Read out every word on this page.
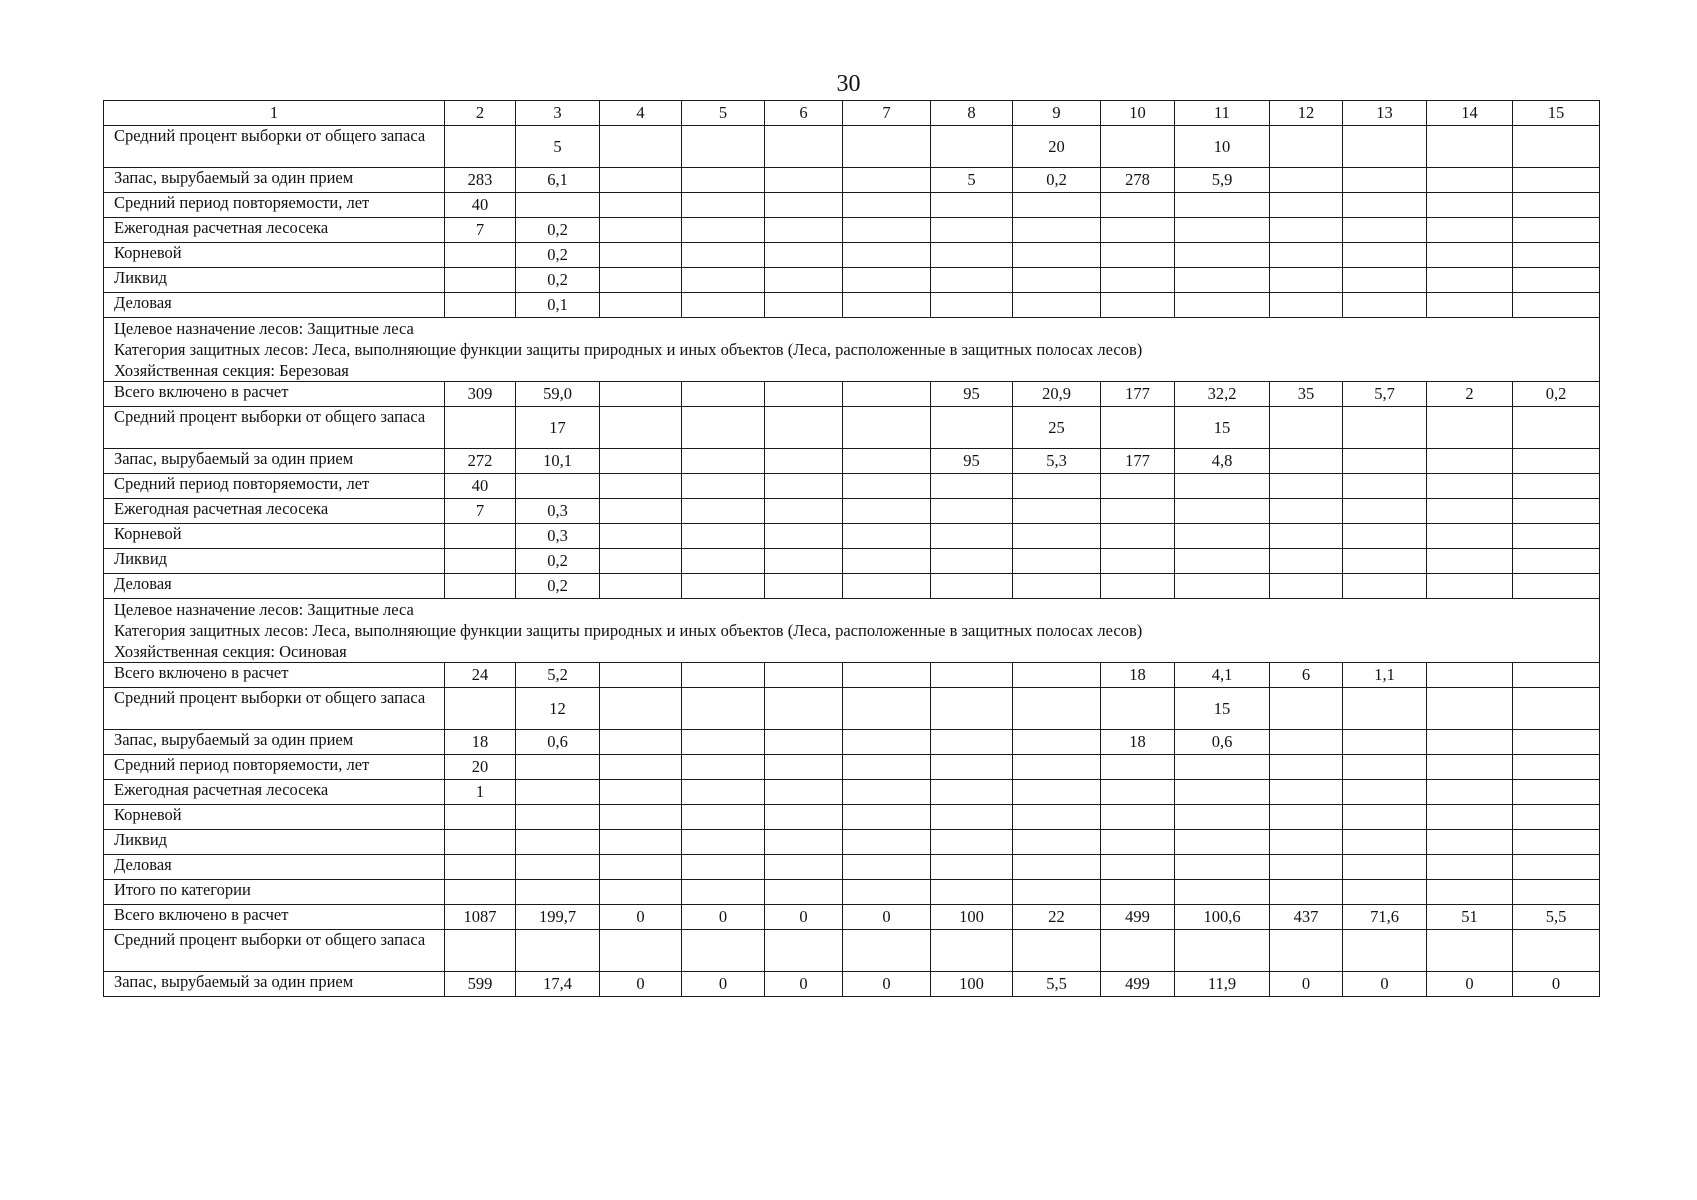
30
1	2	3	4	5	6	7	8	9	10	11	12	13	14	15
Средний процент выборки от общего запаса		5						20		10				
Запас, вырубаемый за один прием	283	6,1					5	0,2	278	5,9				
Средний период повторяемости, лет	40													
Ежегодная расчетная лесосека	7	0,2												
Корневой		0,2												
Ликвид		0,2												
Деловая		0,1												

Целевое назначение лесов: Защитные леса
Категория защитных лесов: Леса, выполняющие функции защиты природных и иных объектов (Леса, расположенные в защитных полосах лесов)
Хозяйственная секция: Березовая														

Всего включено в расчет	309	59,0					95	20,9	177	32,2	35	5,7	2	0,2
Средний процент выборки от общего запаса		17						25		15				
Запас, вырубаемый за один прием	272	10,1					95	5,3	177	4,8				
Средний период повторяемости, лет	40													
Ежегодная расчетная лесосека	7	0,3												
Корневой		0,3												
Ликвид		0,2												
Деловая		0,2												

Целевое назначение лесов: Защитные леса
Категория защитных лесов: Леса, выполняющие функции защиты природных и иных объектов (Леса, расположенные в защитных полосах лесов)
Хозяйственная секция: Осиновая														

Всего включено в расчет	24	5,2							18	4,1	6	1,1		
Средний процент выборки от общего запаса		12								15				
Запас, вырубаемый за один прием	18	0,6							18	0,6				
Средний период повторяемости, лет	20													
Ежегодная расчетная лесосека	1													
Корневой														
Ликвид														
Деловая														
Итого по категории														
Всего включено в расчет	1087	199,7	0	0	0	0	100	22	499	100,6	437	71,6	51	5,5
Средний процент выборки от общего запаса														
Запас, вырубаемый за один прием	599	17,4	0	0	0	0	100	5,5	499	11,9	0	0	0	0
